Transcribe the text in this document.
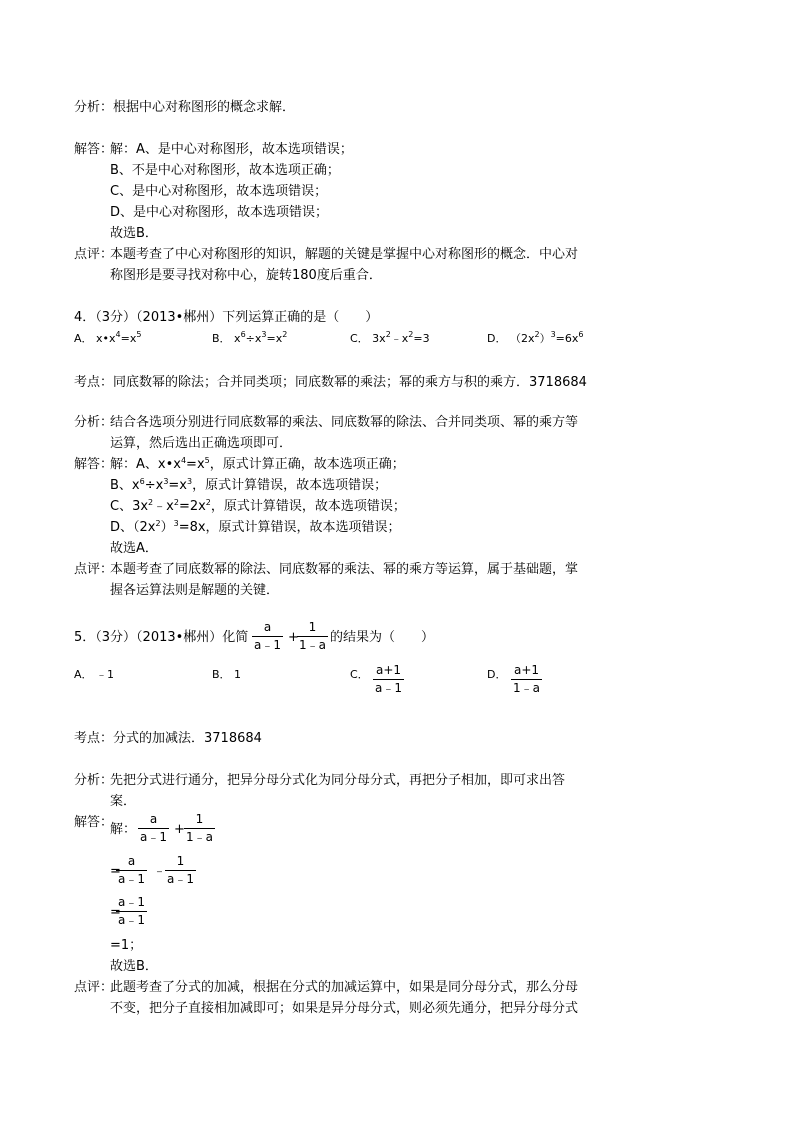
分析：根据中心对称图形的概念求解．
解答：
解：A、是中心对称图形，故本选项错误；
B、不是中心对称图形，故本选项正确；
C、是中心对称图形，故本选项错误；
D、是中心对称图形，故本选项错误；
故选B．
点评：
本题考查了中心对称图形的知识，解题的关键是掌握中心对称图形的概念．中心对
称图形是要寻找对称中心，旋转180度后重合．
4．（3分）（2013•郴州）下列运算正确的是（　　）
A． $x•x^4=x^5$	B． $x^6\div x^3=x^2$	C． $3x^2﹣x^2=3$	D． $(2x^2)^3=6x^6$
考点：同底数幂的除法；合并同类项；同底数幂的乘法；幂的乘方与积的乘方．3718684
分析：
结合各选项分别进行同底数幂的乘法、同底数幂的除法、合并同类项、幂的乘方等
运算，然后选出正确选项即可．
解答：
解：A、$x•x^4=x^5$，原式计算正确，故本选项正确；
B、$x^6\div x^3=x^3$，原式计算错误，故本选项错误；
C、$3x^2﹣x^2=2x^2$，原式计算错误，故本选项错误；
D、$(2x^2)^3=8x$，原式计算错误，故本选项错误；
故选A．
点评：
本题考查了同底数幂的除法、同底数幂的乘法、幂的乘方等运算，属于基础题，掌
握各运算法则是解题的关键．
5．（3分）（2013•郴州）化简
a
a﹣1 +
1
1﹣a 的结果为（　　）
A． ﹣1	B． 1	C． a+1
a﹣1
D． a+1
1﹣a
考点：分式的加减法．3718684
分析：
先把分式进行通分，把异分母分式化为同分母分式，再把分子相加，即可求出答
案．
解答：
解：
a
a﹣1 +
1
1﹣a
=
a
a﹣1 ﹣
1
a﹣1
=
a﹣1
a﹣1
=1；
故选B．
点评：
此题考查了分式的加减，根据在分式的加减运算中，如果是同分母分式，那么分母
不变，把分子直接相加减即可；如果是异分母分式，则必须先通分，把异分母分式
